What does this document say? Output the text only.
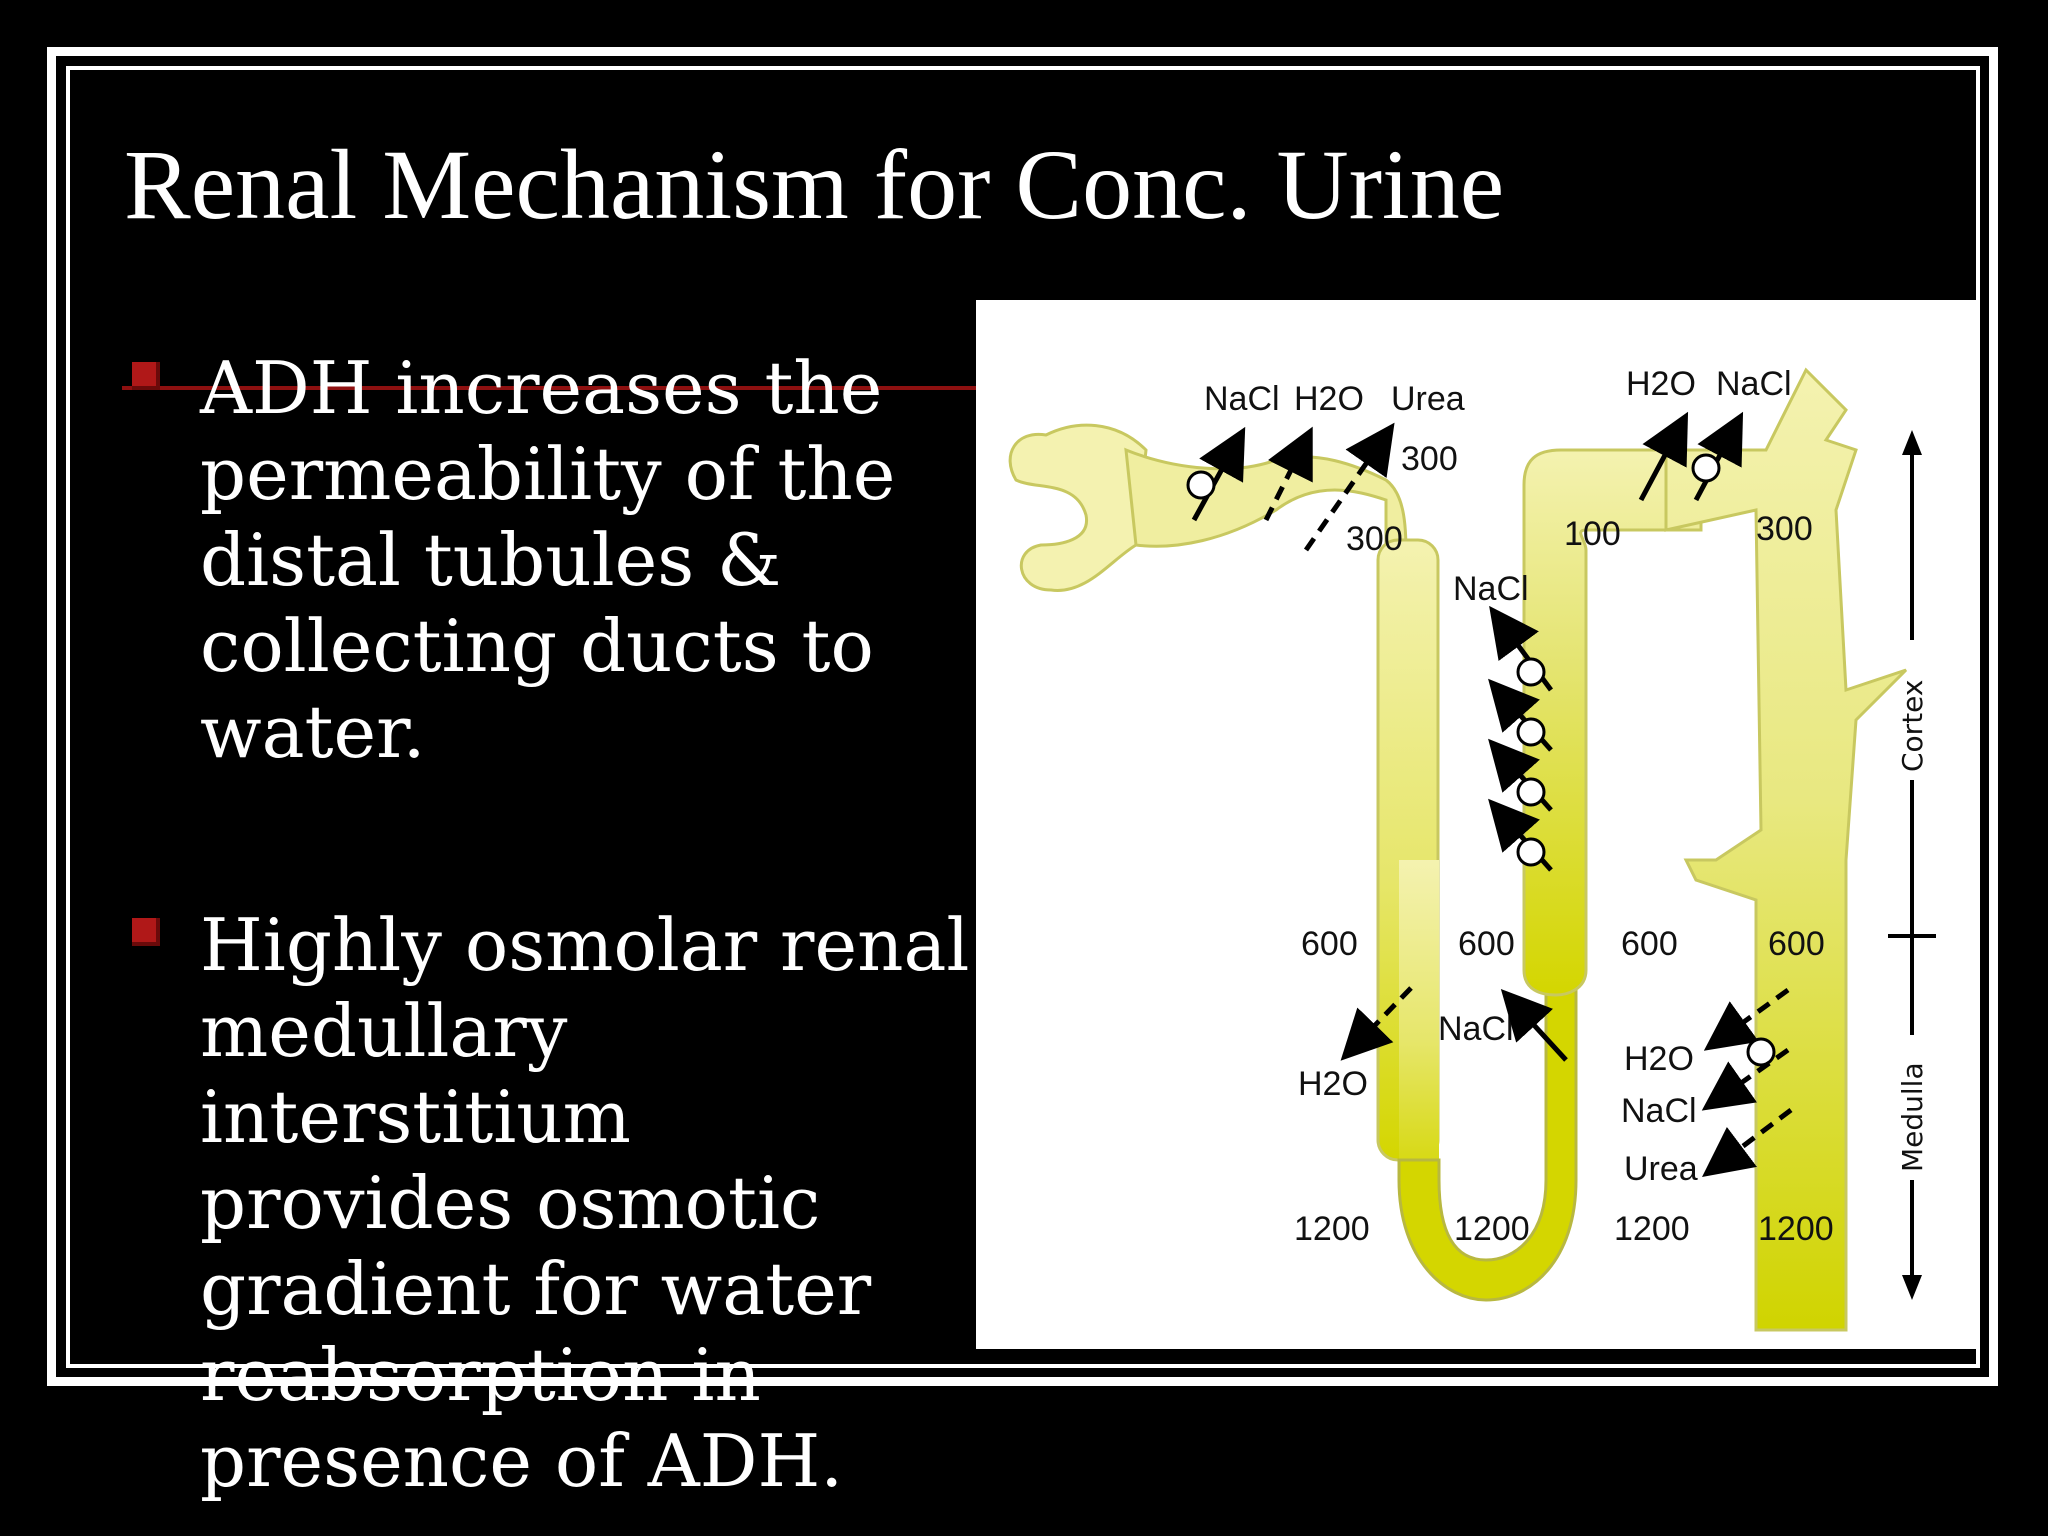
Renal Mechanism for Conc. Urine
ADH increases the
permeability of the
distal tubules &
collecting ducts to
water.
Highly osmolar renal
medullary interstitium
provides osmotic
gradient for water
reabsorption in
presence of ADH.
NaCl H2O Urea
300
300
H2O NaCl
100	300
NaCl
600	600	600	600
H2O
NaCl
H2O
NaCl
Urea
1200 1200 1200 1200
Cortex
Medulla
